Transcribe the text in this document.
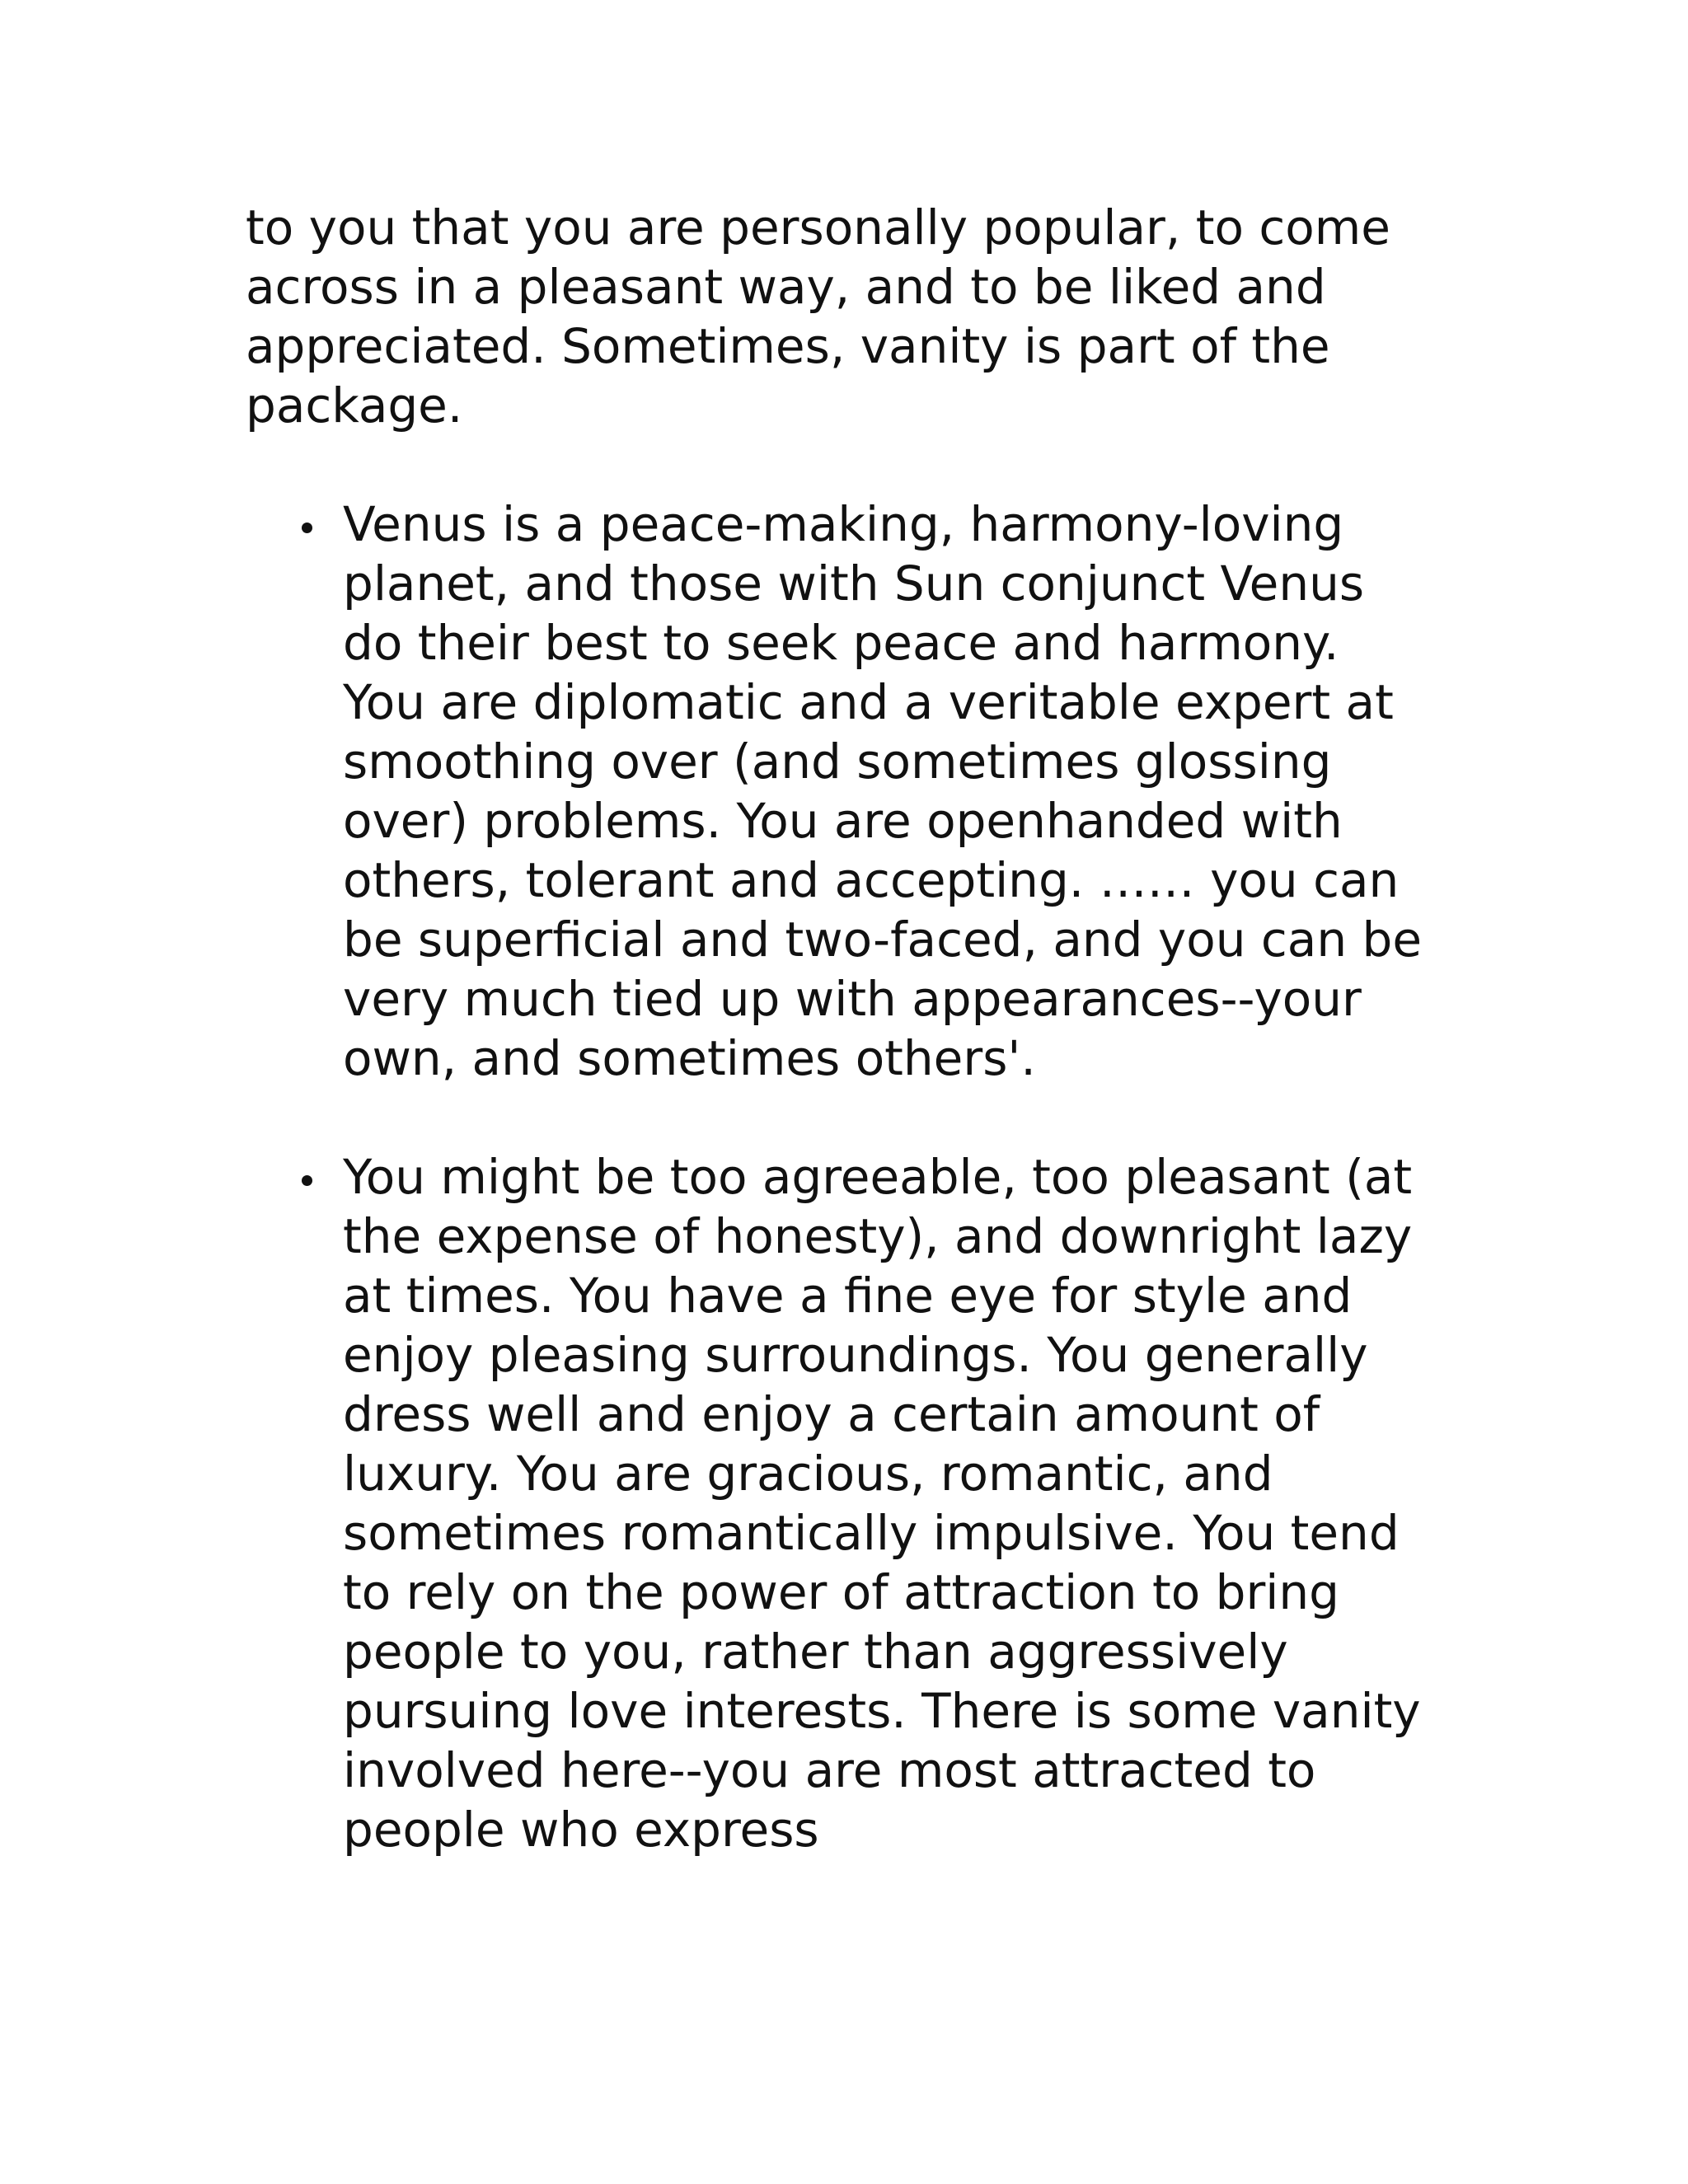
to you that you are personally popular, to come across in a pleasant way, and to be liked and appreciated. Sometimes, vanity is part of the package.

Venus is a peace-making, harmony-loving planet, and those with Sun conjunct Venus do their best to seek peace and harmony. You are diplomatic and a veritable expert at smoothing over (and sometimes glossing over) problems. You are openhanded with others, tolerant and accepting. …… you can be superficial and two-faced, and you can be very much tied up with appearances--your own, and sometimes others'.
You might be too agreeable, too pleasant (at the expense of honesty), and downright lazy at times. You have a fine eye for style and enjoy pleasing surroundings. You generally dress well and enjoy a certain amount of luxury. You are gracious, romantic, and sometimes romantically impulsive. You tend to rely on the power of attraction to bring people to you, rather than aggressively pursuing love interests. There is some vanity involved here--you are most attracted to people who express
